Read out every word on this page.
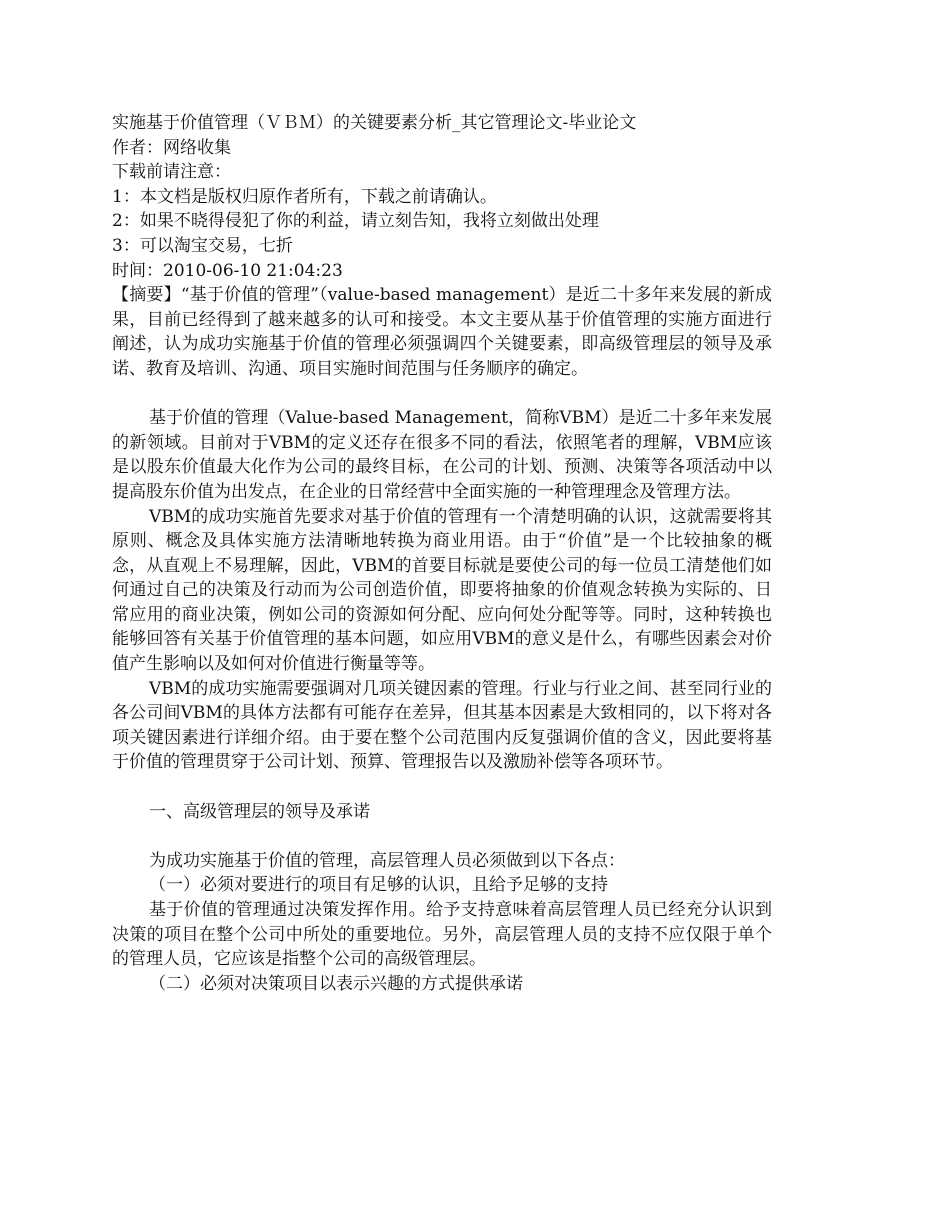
实施基于价值管理（ＶＢＭ）的关键要素分析_其它管理论文-毕业论文

作者：网络收集

下载前请注意：

1：本文档是版权归原作者所有，下载之前请确认。

2：如果不晓得侵犯了你的利益，请立刻告知，我将立刻做出处理

3：可以淘宝交易，七折

时间：2010-06-10 21:04:23

【摘要】“基于价值的管理”（value-based management）是近二十多年来发展的新成果，目前已经得到了越来越多的认可和接受。本文主要从基于价值管理的实施方面进行阐述，认为成功实施基于价值的管理必须强调四个关键要素，即高级管理层的领导及承诺、教育及培训、沟通、项目实施时间范围与任务顺序的确定。

基于价值的管理（Value-based Management，简称VBM）是近二十多年来发展的新领域。目前对于VBM的定义还存在很多不同的看法，依照笔者的理解，VBM应该是以股东价值最大化作为公司的最终目标，在公司的计划、预测、决策等各项活动中以提高股东价值为出发点，在企业的日常经营中全面实施的一种管理理念及管理方法。

VBM的成功实施首先要求对基于价值的管理有一个清楚明确的认识，这就需要将其原则、概念及具体实施方法清晰地转换为商业用语。由于“价值”是一个比较抽象的概念，从直观上不易理解，因此，VBM的首要目标就是要使公司的每一位员工清楚他们如何通过自己的决策及行动而为公司创造价值，即要将抽象的价值观念转换为实际的、日常应用的商业决策，例如公司的资源如何分配、应向何处分配等等。同时，这种转换也能够回答有关基于价值管理的基本问题，如应用VBM的意义是什么，有哪些因素会对价值产生影响以及如何对价值进行衡量等等。

VBM的成功实施需要强调对几项关键因素的管理。行业与行业之间、甚至同行业的各公司间VBM的具体方法都有可能存在差异，但其基本因素是大致相同的，以下将对各项关键因素进行详细介绍。由于要在整个公司范围内反复强调价值的含义，因此要将基于价值的管理贯穿于公司计划、预算、管理报告以及激励补偿等各项环节。

一、高级管理层的领导及承诺

为成功实施基于价值的管理，高层管理人员必须做到以下各点：

（一）必须对要进行的项目有足够的认识，且给予足够的支持

基于价值的管理通过决策发挥作用。给予支持意味着高层管理人员已经充分认识到决策的项目在整个公司中所处的重要地位。另外，高层管理人员的支持不应仅限于单个的管理人员，它应该是指整个公司的高级管理层。

（二）必须对决策项目以表示兴趣的方式提供承诺
